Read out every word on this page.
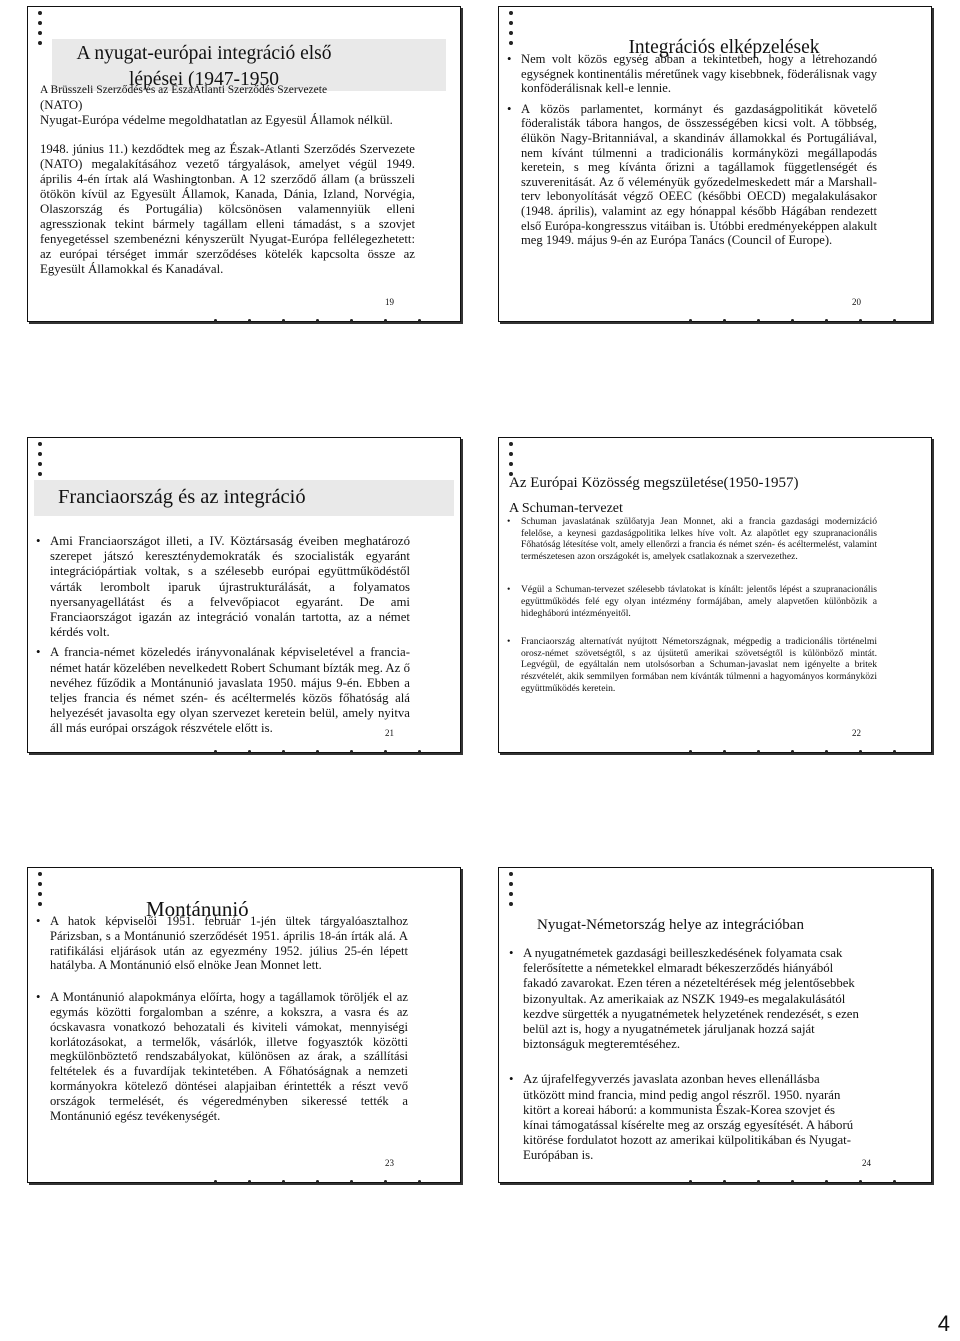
A nyugat-európai integráció első lépései (1947-1950
A Brüsszeli Szerződés és az ÉszaAtlanti Szerződés Szervezete

(NATO)

Nyugat-Európa védelme megoldhatatlan az Egyesül Államok nélkül.

1948. június 11.) kezdődtek meg az Észak-Atlanti Szerződés Szervezete (NATO) megalakításához vezető tárgyalások, amelyet végül 1949. április 4-én írtak alá Washingtonban. A 12 szerződő állam (a brüsszeli ötökön kívül az Egyesült Államok, Kanada, Dánia, Izland, Norvégia, Olaszország és Portugália) kölcsönösen valamennyiük elleni agresszionak tekint bármely tagállam elleni támadást, s a szovjet fenyegetéssel szembenézni kényszerült Nyugat-Európa fellélegezhetett: az európai térséget immár szerződéses kötelék kapcsolta össze az Egyesült Államokkal és Kanadával.

19
Integrációs elképzelések
• Nem volt közös egység abban a tekintetben, hogy a létrehozandó egységnek kontinentális méretűnek vagy kisebbnek, föderálisnak vagy konföderálisnak kell-e lennie.
• A közös parlamentet, kormányt és gazdaságpolitikát követelő föderalisták tábora hangos, de összességében kicsi volt. A többség, élükön Nagy-Britanniával, a skandináv államokkal és Portugáliával, nem kívánt túlmenni a tradicionális kormányközi megállapodás keretein, s meg kívánta őrizni a tagállamok függetlenségét és szuverenitását. Az ő véleményük győzedelmeskedett már a Marshall-terv lebonyolítását végző OEEC (későbbi OECD) megalakulásakor (1948. április), valamint az egy hónappal később Hágában rendezett első Európa-kongresszus vitáiban is. Utóbbi eredményeképpen alakult meg 1949. május 9-én az Európa Tanács (Council of Europe).
20
Franciaország és az integráció
• Ami Franciaországot illeti, a IV. Köztársaság éveiben meghatározó szerepet játszó kereszténydemokraták és szocialisták egyaránt integrációpártiak voltak, s a szélesebb európai együttműködéstől várták lerombolt iparuk újrastrukturálását, a folyamatos nyersanyagellátást és a felvevőpiacot egyaránt. De ami Franciaországot igazán az integráció vonalán tartotta, az a német kérdés volt.
• A francia-német közeledés irányvonalának képviseletével a francia-német határ közelében nevelkedett Robert Schumant bízták meg. Az ő nevéhez fűződik a Montánunió javaslata 1950. május 9-én. Ebben a teljes francia és német szén- és acéltermelés közös főhatóság alá helyezését javasolta egy olyan szervezet keretein belül, amely nyitva áll más európai országok részvétele előtt is.	21
Az Európai Közösség megszületése(1950-1957)
A Schuman-tervezet
• Schuman javaslatának szülőatyja Jean Monnet, aki a francia gazdasági modernizáció felelőse, a keynesi gazdaságpolitika lelkes híve volt. Az alapötlet egy szupranacionális Főhatóság létesítése volt, amely ellenőrzi a francia és német szén- és acéltermelést, valamint természetesen azon országokét is, amelyek csatlakoznak a szervezethez.
• Végül a Schuman-tervezet szélesebb távlatokat is kínált: jelentős lépést a szupranacionális együttműködés felé egy olyan intézmény formájában, amely alapvetően különbözik a hidegháború intézményeitől.
• Franciaország alternatívát nyújtott Németországnak, mégpedig a tradicionális történelmi orosz-német szövetségtől, s az újsütetű amerikai szövetségtől is különböző mintát. Legvégül, de egyáltalán nem utolsósorban a Schuman-javaslat nem igényelte a britek részvételét, akik semmilyen formában nem kívánták túlmenni a hagyományos kormányközi együttműködés keretein.
22
Montánunió
• A hatok képviselői 1951. február 1-jén ültek tárgyalóasztalhoz Párizsban, s a Montánunió szerződését 1951. április 18-án írták alá. A ratifikálási eljárások után az egyezmény 1952. július 25-én lépett hatályba. A Montánunió első elnöke Jean Monnet lett.
• A Montánunió alapokmánya előírta, hogy a tagállamok töröljék el az egymás közötti forgalomban a szénre, a kokszra, a vasra és az ócskavasra vonatkozó behozatali és kiviteli vámokat, mennyiségi korlátozásokat, a termelők, vásárlók, illetve fogyasztók közötti megkülönböztető rendszabályokat, különösen az árak, a szállítási feltételek és a fuvardíjak tekintetében. A Főhatóságnak a nemzeti kormányokra kötelező döntései alapjaiban érintették a részt vevő országok termelését, és végeredményben sikeressé tették a Montánunió egész tevékenységét.
23
Nyugat-Németország helye az integrációban
• A nyugatnémetek gazdasági beilleszkedésének folyamata csak felerősítette a németekkel elmaradt békeszerződés hiányából fakadó zavarokat. Ezen téren a nézeteltérések még jelentősebbek bizonyultak. Az amerikaiak az NSZK 1949-es megalakulásától kezdve sürgették a nyugatnémetek helyzetének rendezését, s ezen belül azt is, hogy a nyugatnémetek járuljanak hozzá saját biztonságuk megteremtéséhez.
• Az újrafelfegyverzés javaslata azonban heves ellenállásba ütközött mind francia, mind pedig angol részről. 1950. nyarán kitört a koreai háború: a kommunista Észak-Korea szovjet és kínai támogatással kísérelte meg az ország egyesítését. A háború kitörése fordulatot hozott az amerikai külpolitikában és Nyugat-Európában is.
24
4
